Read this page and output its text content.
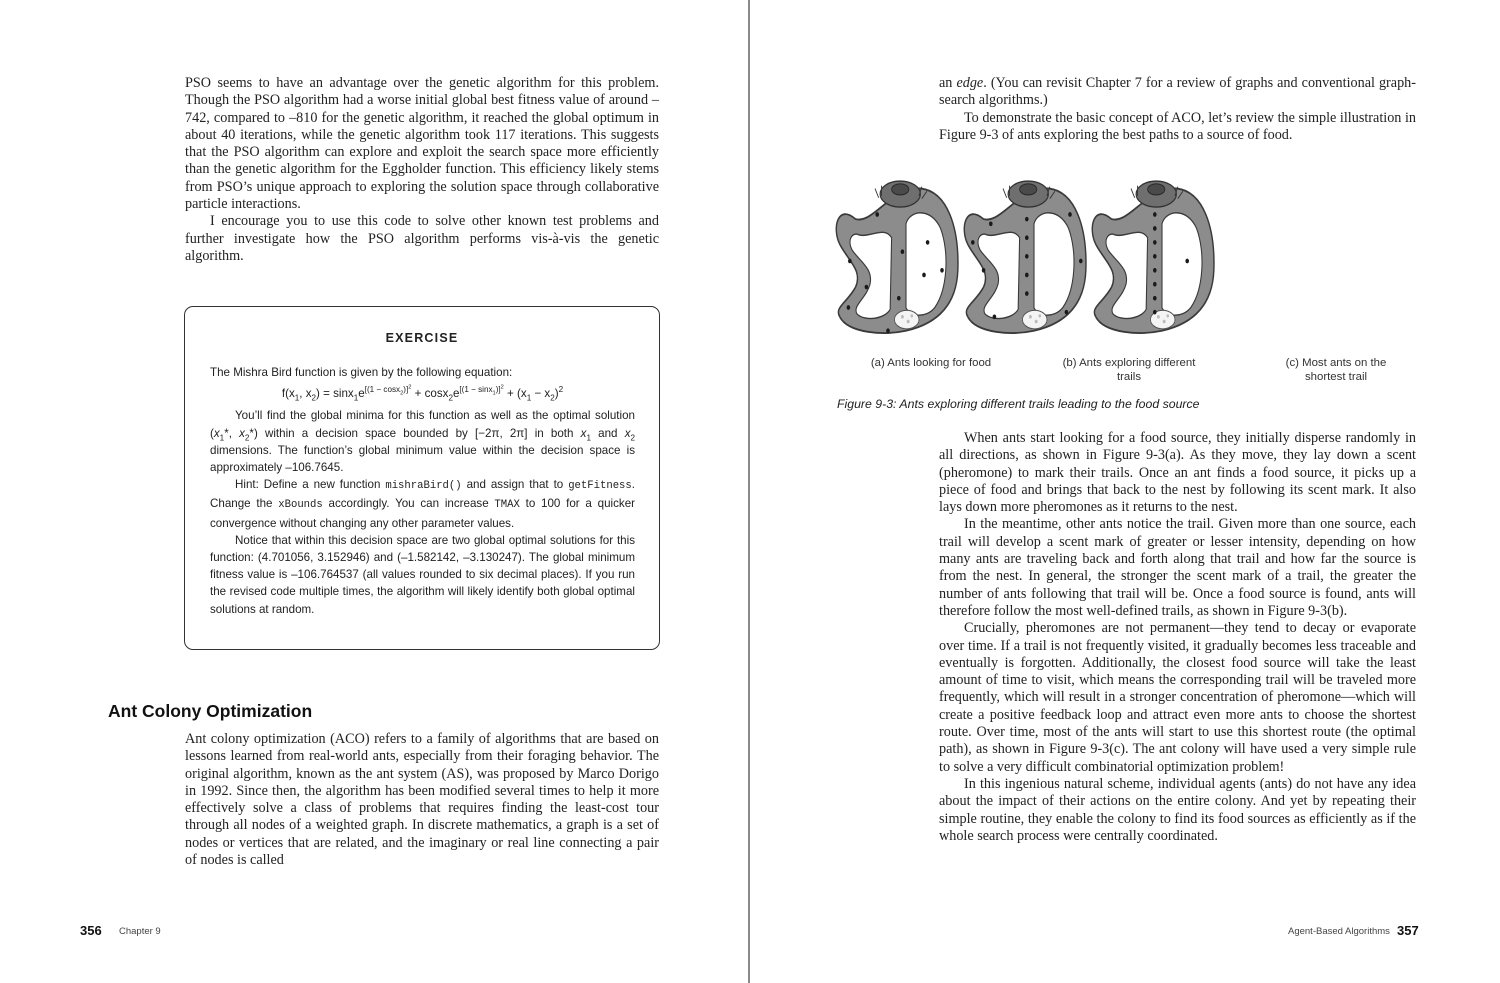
PSO seems to have an advantage over the genetic algorithm for this problem. Though the PSO algorithm had a worse initial global best fitness value of around –742, compared to –810 for the genetic algorithm, it reached the global optimum in about 40 iterations, while the genetic algorithm took 117 iterations. This suggests that the PSO algorithm can explore and exploit the search space more efficiently than the genetic algorithm for the Eggholder function. This efficiency likely stems from PSO’s unique approach to exploring the solution space through collaborative particle interactions.

I encourage you to use this code to solve other known test problems and further investigate how the PSO algorithm performs vis-à-vis the genetic algorithm.

EXERCISE

The Mishra Bird function is given by the following equation:

$f(x_1$, $x_2) = \sin x_1e^{[(1 - cosx_2)]^2} + \cos x_2e^{[(1 - sinx_1)]^2} + (x_1 - x_2)^2$

You’ll find the global minima for this function as well as the optimal solution ($x_1*$, $x_2*$) within a decision space bounded by [−2π, 2π] in both $x_1$ and $x_2$ dimensions. The function’s global minimum value within the decision space is approximately –106.7645.

Hint: Define a new function mishraBird() and assign that to getFitness. Change the xBounds accordingly. You can increase TMAX to 100 for a quicker convergence without changing any other parameter values.

Notice that within this decision space are two global optimal solutions for this function: (4.701056, 3.152946) and (–1.582142, –3.130247). The global minimum fitness value is –106.764537 (all values rounded to six decimal places). If you run the revised code multiple times, the algorithm will likely identify both global optimal solutions at random.

Ant Colony Optimization

Ant colony optimization (ACO) refers to a family of algorithms that are based on lessons learned from real-world ants, especially from their foraging behavior. The original algorithm, known as the ant system (AS), was proposed by Marco Dorigo in 1992. Since then, the algorithm has been modified several times to help it more effectively solve a class of problems that requires finding the least-cost tour through all nodes of a weighted graph. In discrete mathematics, a graph is a set of nodes or vertices that are related, and the imaginary or real line connecting a pair of nodes is called

356 Chapter 9

an edge. (You can revisit Chapter 7 for a review of graphs and conventional graph-search algorithms.)

To demonstrate the basic concept of ACO, let’s review the simple illustration in Figure 9-3 of ants exploring the best paths to a source of food.

(a) Ants looking for food	(b) Ants exploring different trails
(c) Most ants on the shortest trail
Figure 9-3: Ants exploring different trails leading to the food source

When ants start looking for a food source, they initially disperse randomly in all directions, as shown in Figure 9-3(a). As they move, they lay down a scent (pheromone) to mark their trails. Once an ant finds a food source, it picks up a piece of food and brings that back to the nest by following its scent mark. It also lays down more pheromones as it returns to the nest.

In the meantime, other ants notice the trail. Given more than one source, each trail will develop a scent mark of greater or lesser intensity, depending on how many ants are traveling back and forth along that trail and how far the source is from the nest. In general, the stronger the scent mark of a trail, the greater the number of ants following that trail will be. Once a food source is found, ants will therefore follow the most well-defined trails, as shown in Figure 9-3(b).

Crucially, pheromones are not permanent—they tend to decay or evaporate over time. If a trail is not frequently visited, it gradually becomes less traceable and eventually is forgotten. Additionally, the closest food source will take the least amount of time to visit, which means the corresponding trail will be traveled more frequently, which will result in a stronger concentration of pheromone—which will create a positive feedback loop and attract even more ants to choose the shortest route. Over time, most of the ants will start to use this shortest route (the optimal path), as shown in Figure 9-3(c). The ant colony will have used a very simple rule to solve a very difficult combinatorial optimization problem!

In this ingenious natural scheme, individual agents (ants) do not have any idea about the impact of their actions on the entire colony. And yet by repeating their simple routine, they enable the colony to find its food sources as efficiently as if the whole search process were centrally coordinated.

Agent-Based Algorithms 357
